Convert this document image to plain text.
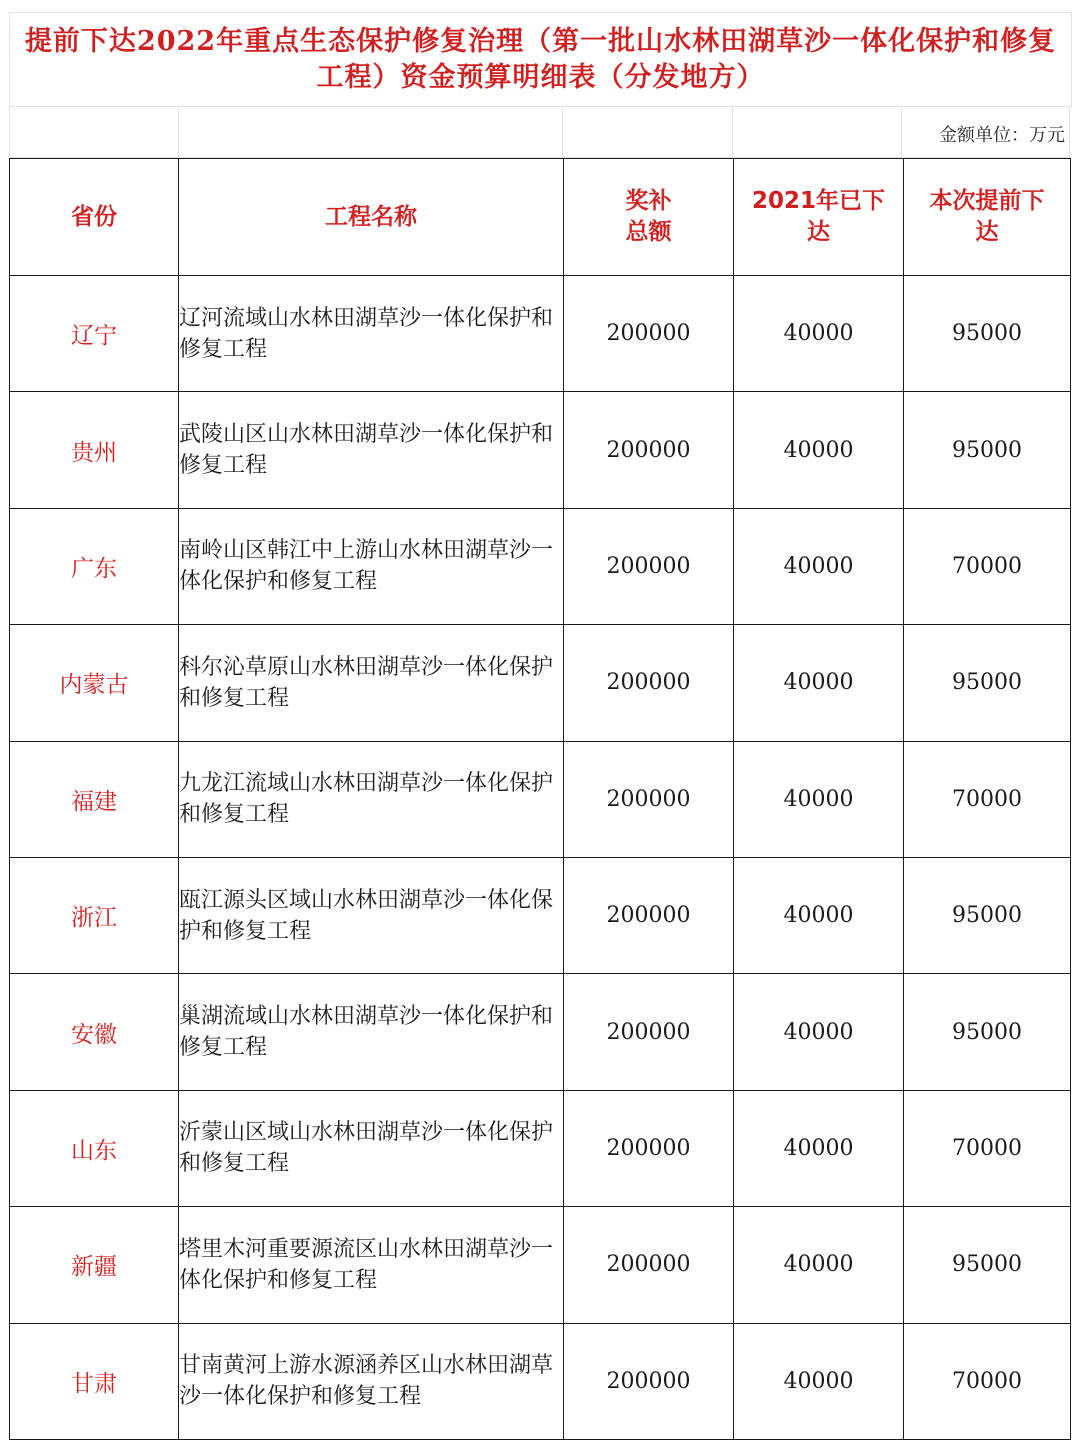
提前下达2022年重点生态保护修复治理（第一批山水林田湖草沙一体化保护和修复工程）资金预算明细表（分发地方）
金额单位：万元
省份	工程名称	奖补总额	2021年已下达	本次提前下达

辽宁	辽河流域山水林田湖草沙一体化保护和修复工程	200000	40000	95000
贵州	武陵山区山水林田湖草沙一体化保护和修复工程	200000	40000	95000
广东	南岭山区韩江中上游山水林田湖草沙一体化保护和修复工程	200000	40000	70000
内蒙古	科尔沁草原山水林田湖草沙一体化保护和修复工程	200000	40000	95000
福建	九龙江流域山水林田湖草沙一体化保护和修复工程	200000	40000	70000
浙江	瓯江源头区域山水林田湖草沙一体化保护和修复工程	200000	40000	95000
安徽	巢湖流域山水林田湖草沙一体化保护和修复工程	200000	40000	95000
山东	沂蒙山区域山水林田湖草沙一体化保护和修复工程	200000	40000	70000
新疆	塔里木河重要源流区山水林田湖草沙一体化保护和修复工程	200000	40000	95000
甘肃	甘南黄河上游水源涵养区山水林田湖草沙一体化保护和修复工程	200000	40000	70000
